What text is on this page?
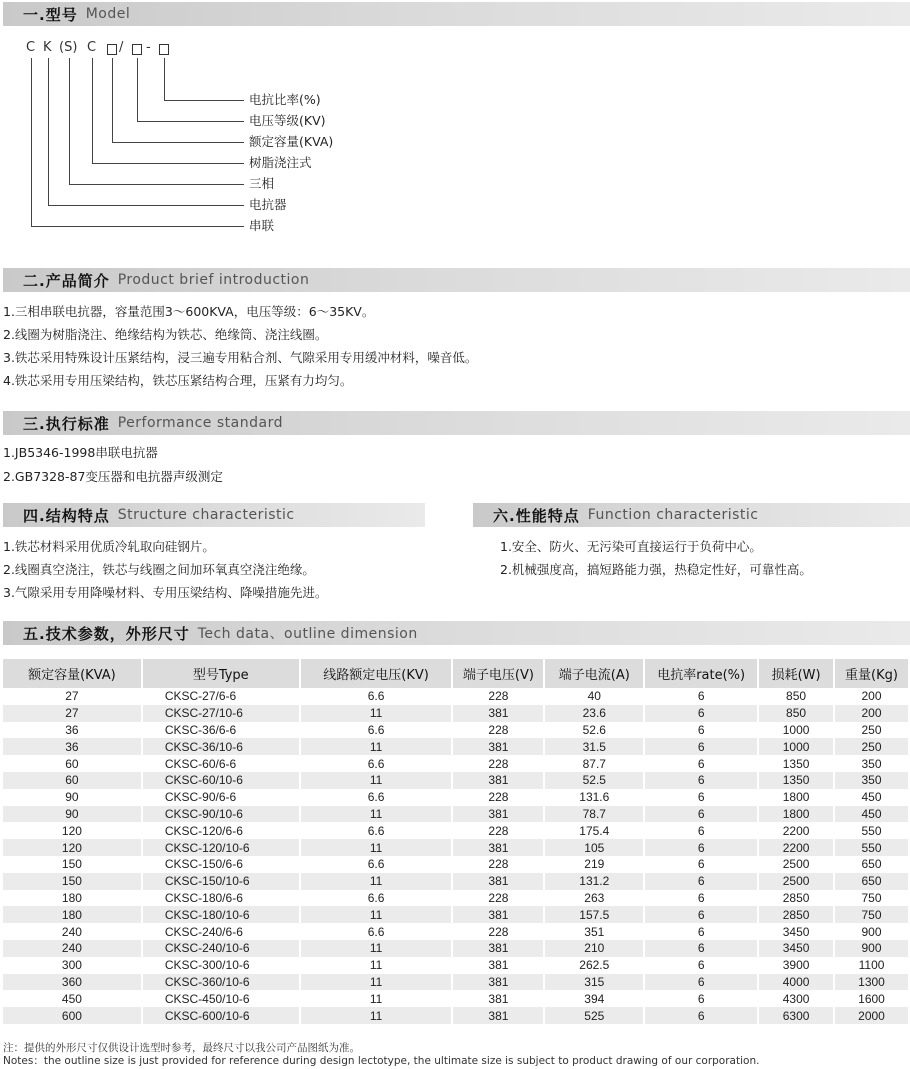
一.型号 Model
C K (S) C / -
电抗比率(%)
电压等级(KV)
额定容量(KVA)
树脂浇注式
三相
电抗器
串联
二.产品简介 Product brief introduction
1.三相串联电抗器，容量范围3～600KVA，电压等级：6～35KV。
2.线圈为树脂浇注、绝缘结构为铁芯、绝缘筒、浇注线圈。
3.铁芯采用特殊设计压紧结构，浸三遍专用粘合剂、气隙采用专用缓冲材料，噪音低。
4.铁芯采用专用压梁结构，铁芯压紧结构合理，压紧有力均匀。
三.执行标准 Performance standard
1.JB5346-1998串联电抗器
2.GB7328-87变压器和电抗器声级测定
四.结构特点 Structure characteristic
1.铁芯材料采用优质冷轧取向硅钢片。
2.线圈真空浇注，铁芯与线圈之间加环氧真空浇注绝缘。
3.气隙采用专用降噪材料、专用压梁结构、降噪措施先进。
六.性能特点 Function characteristic
1.安全、防火、无污染可直接运行于负荷中心。
2.机械强度高，搞短路能力强，热稳定性好，可靠性高。
五.技术参数，外形尺寸 Tech data、outline dimension
额定容量(KVA)	型号Type	线路额定电压(KV)	端子电压(V)	端子电流(A)	电抗率rate(%)	损耗(W)	重量(Kg)
27	CKSC-27/6-6	6.6	228	40	6	850	200
27	CKSC-27/10-6	11	381	23.6	6	850	200
36	CKSC-36/6-6	6.6	228	52.6	6	1000	250
36	CKSC-36/10-6	11	381	31.5	6	1000	250
60	CKSC-60/6-6	6.6	228	87.7	6	1350	350
60	CKSC-60/10-6	11	381	52.5	6	1350	350
90	CKSC-90/6-6	6.6	228	131.6	6	1800	450
90	CKSC-90/10-6	11	381	78.7	6	1800	450
120	CKSC-120/6-6	6.6	228	175.4	6	2200	550
120	CKSC-120/10-6	11	381	105	6	2200	550
150	CKSC-150/6-6	6.6	228	219	6	2500	650
150	CKSC-150/10-6	11	381	131.2	6	2500	650
180	CKSC-180/6-6	6.6	228	263	6	2850	750
180	CKSC-180/10-6	11	381	157.5	6	2850	750
240	CKSC-240/6-6	6.6	228	351	6	3450	900
240	CKSC-240/10-6	11	381	210	6	3450	900
300	CKSC-300/10-6	11	381	262.5	6	3900	1100
360	CKSC-360/10-6	11	381	315	6	4000	1300
450	CKSC-450/10-6	11	381	394	6	4300	1600
600	CKSC-600/10-6	11	381	525	6	6300	2000
注：提供的外形尺寸仅供设计选型时参考，最终尺寸以我公司产品图纸为准。
Notes：the outline size is just provided for reference during design lectotype, the ultimate size is subject to product drawing of our corporation.
